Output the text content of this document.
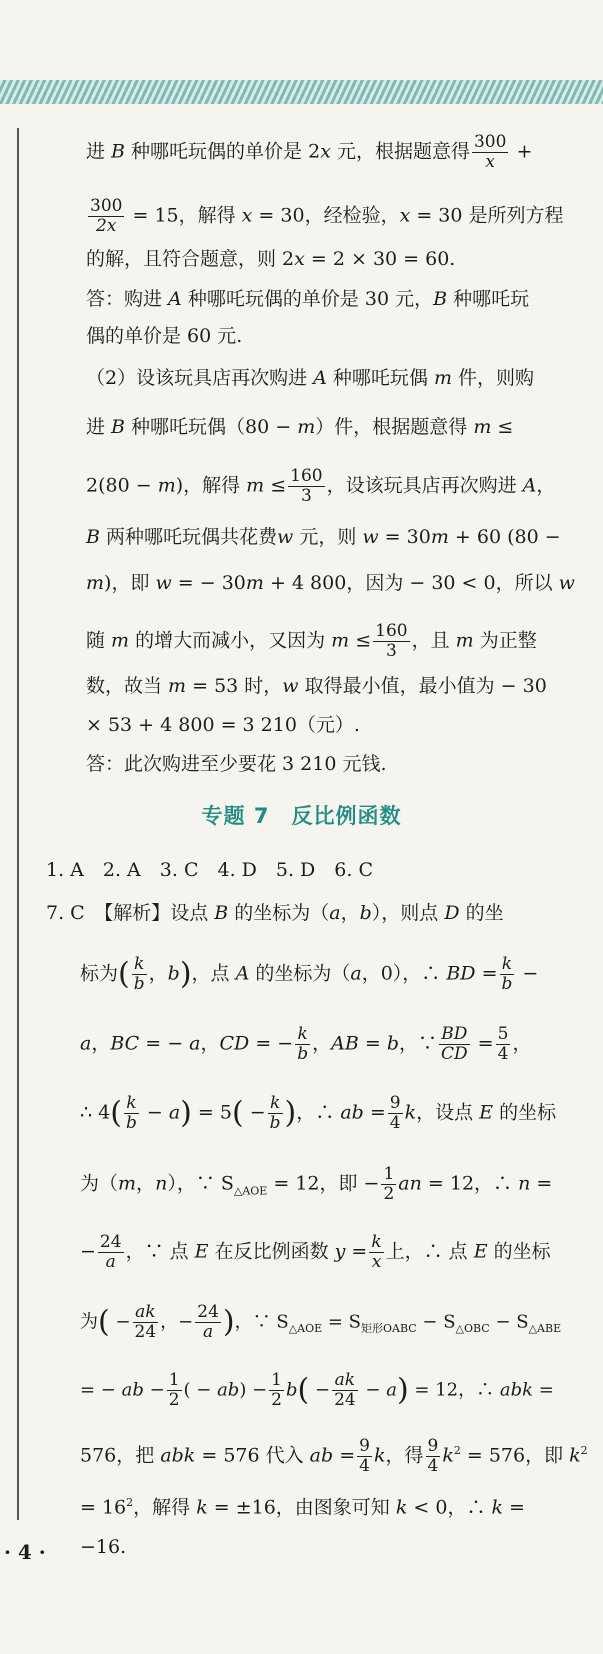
进 B 种哪吒玩偶的单价是 2x 元，根据题意得 $\frac{300}{x}$ +
$\frac{300}{2x} = 15$，解得 x = 30，经检验，x = 30 是所列方程
的解，且符合题意，则 2x = 2 × 30 = 60.
答：购进 A 种哪吒玩偶的单价是 30 元，B 种哪吒玩
偶的单价是 60 元.
（2）设该玩具店再次购进 A 种哪吒玩偶 m 件，则购
进 B 种哪吒玩偶（80 − m）件，根据题意得 m ≤
2(80 − m)，解得 $m \le \frac{160}{3}$ ，设该玩具店再次购进 A，
B 两种哪吒玩偶共花费w 元，则 w = 30m + 60 (80 −
m)，即 w = − 30m + 4 800，因为 − 30 < 0，所以 w
随 m 的增大而减小，又因为 $m \le \frac{160}{3}$ ，且 m 为正整
数，故当 m = 53 时，w 取得最小值，最小值为 − 30
× 53 + 4 800 = 3 210（元）.
答：此次购进至少要花 3 210 元钱.
专题 7　反比例函数
1. A　2. A　3. C　4. D　5. D　6. C
7. C　【解析】设点 B 的坐标为（a，b），则点 D 的坐
标为( $\frac{k}{b}$ ，b)，点 A 的坐标为（a，0），∴ BD = $\frac{k}{b}$ −
a，BC = − a，CD = − $\frac{k}{b}$ ，AB = b，∵ $\frac{BD}{CD} = \frac{5}{4}$ ，
∴ $4( \frac{k}{b} - a) = 5( - \frac{k}{b}$ )，∴ ab = $\frac{9}{4}$ k，设点 E 的坐标
为（m，n），∵ $S_{\triangle AOE} = 12$，即 − $\frac{1}{2}$ an = 12，∴ n =
− $\frac{24}{a}$ ，∵ 点 E 在反比例函数 $y = \frac{k}{x}$ 上，∴ 点 E 的坐标
为( − $\frac{ak}{24}$ ，− $\frac{24}{a}$ )，∵ $S_{\triangle AOE} = S_{矩形OABC} - S_{\triangle OBC} - S_{\triangle ABE}$
= − ab − $\frac{1}{2}$ ( − $ab) - \frac{1}{2} b( - \frac{ak}{24} - a) = 12$，∴ abk =
576，把 abk = 576 代入 ab = $\frac{9}{4}$ k，得 $\frac{9}{4} k^2 = 576$，即 $k^2$
= $16^2$，解得 k = ±16，由图象可知 k < 0，∴ k =
−16.
· 4 ·
